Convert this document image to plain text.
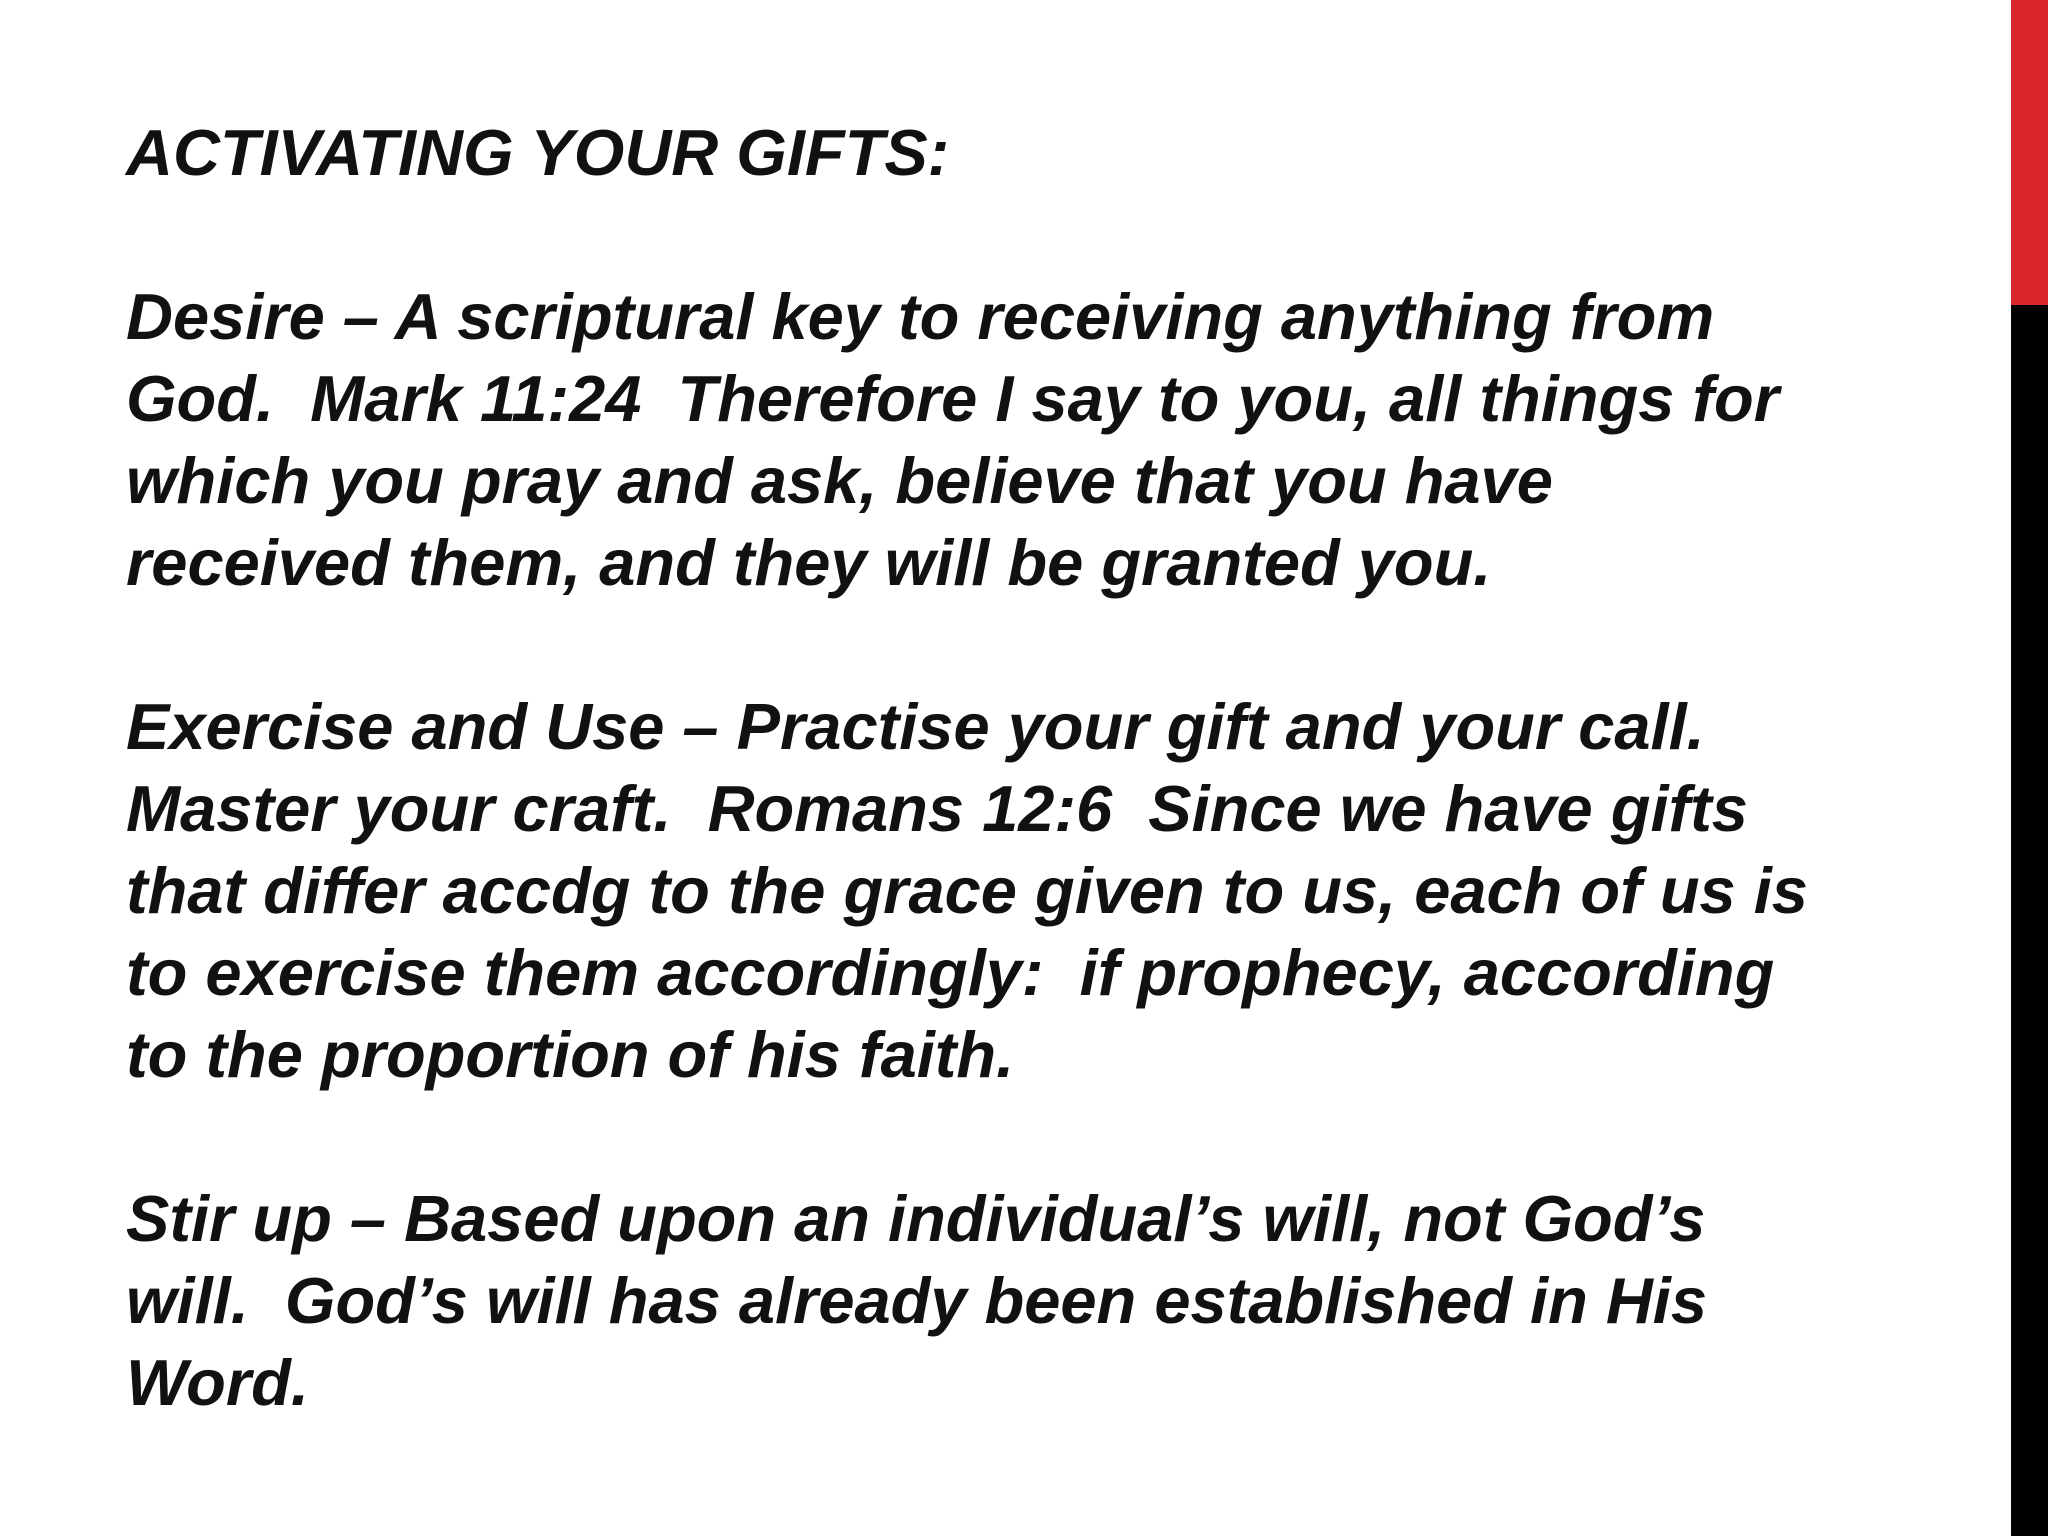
ACTIVATING YOUR GIFTS:
Desire – A scriptural key to receiving anything from
God.  Mark 11:24  Therefore I say to you, all things for
which you pray and ask, believe that you have
received them, and they will be granted you.
Exercise and Use – Practise your gift and your call.
Master your craft.  Romans 12:6  Since we have gifts
that differ accdg to the grace given to us, each of us is
to exercise them accordingly:  if prophecy, according
to the proportion of his faith.
Stir up – Based upon an individual’s will, not God’s
will.  God’s will has already been established in His
Word.
